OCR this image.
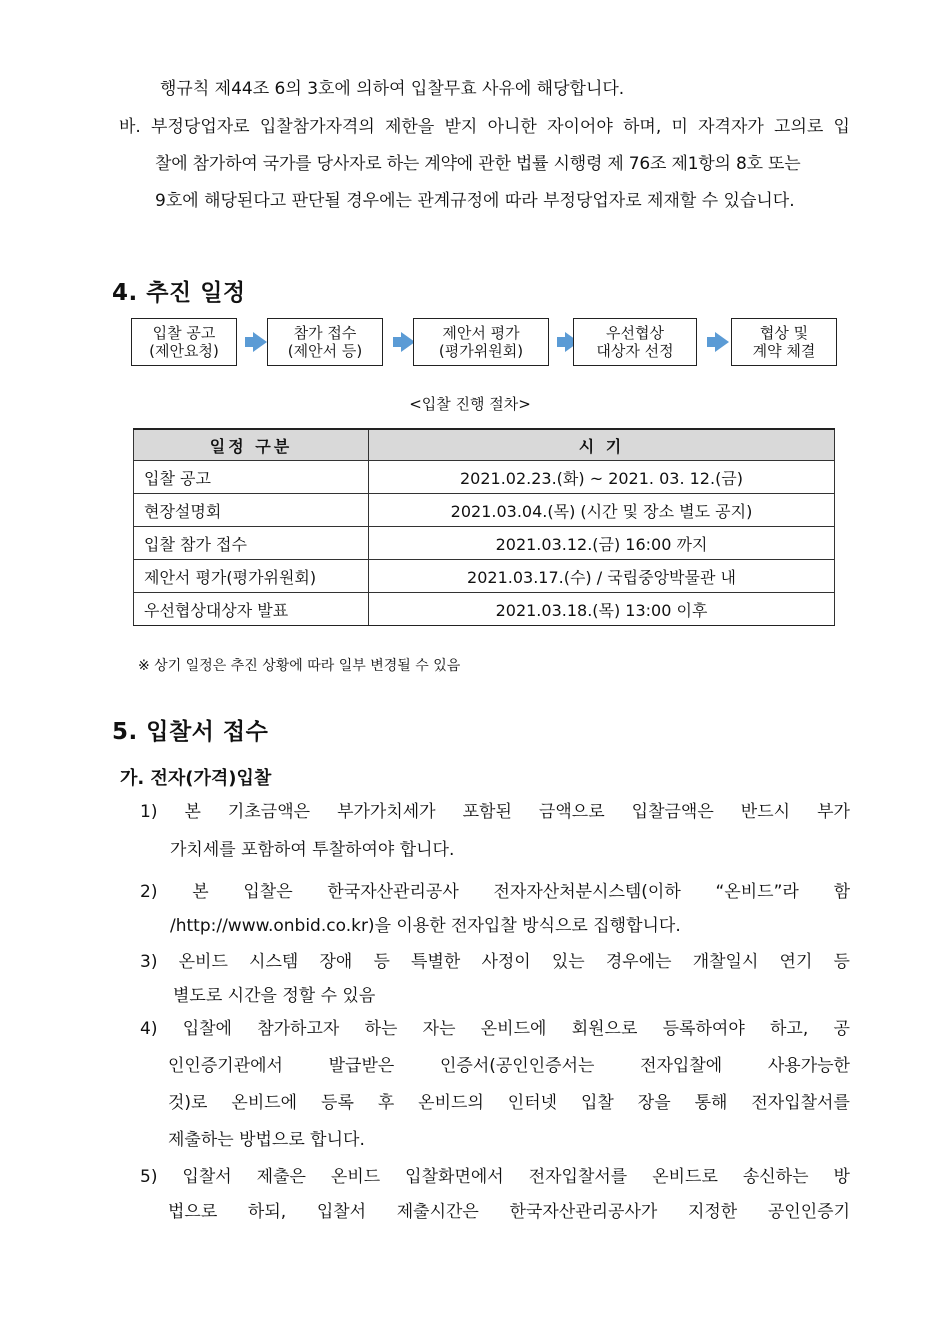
행규칙 제44조 6의 3호에 의하여 입찰무효 사유에 해당합니다.
바. 부정당업자로 입찰참가자격의 제한을 받지 아니한 자이어야 하며, 미 자격자가 고의로 입
찰에 참가하여 국가를 당사자로 하는 계약에 관한 법률 시행령 제 76조 제1항의 8호 또는
9호에 해당된다고 판단될 경우에는 관계규정에 따라 부정당업자로 제재할 수 있습니다.
4. 추진 일정
입찰 공고
(제안요청)
참가 접수
(제안서 등)
제안서 평가
(평가위원회)
우선협상
대상자 선정
협상 및
계약 체결
<입찰 진행 절차>
일정 구분	시 기
입찰 공고	2021.02.23.(화) ~ 2021. 03. 12.(금)
현장설명회	2021.03.04.(목) (시간 및 장소 별도 공지)
입찰 참가 접수	2021.03.12.(금) 16:00 까지
제안서 평가(평가위원회)	2021.03.17.(수) / 국립중앙박물관 내
우선협상대상자 발표	2021.03.18.(목) 13:00 이후
※ 상기 일정은 추진 상황에 따라 일부 변경될 수 있음
5. 입찰서 접수
가. 전자(가격)입찰
1) 본 기초금액은 부가가치세가 포함된 금액으로 입찰금액은 반드시 부가
가치세를 포함하여 투찰하여야 합니다.
2) 본 입찰은 한국자산관리공사 전자자산처분시스템(이하 “온비드”라 함
/http://www.onbid.co.kr)을 이용한 전자입찰 방식으로 집행합니다.
3) 온비드 시스템 장애 등 특별한 사정이 있는 경우에는 개찰일시 연기 등
별도로 시간을 정할 수 있음
4) 입찰에 참가하고자 하는 자는 온비드에 회원으로 등록하여야 하고, 공
인인증기관에서	발급받은	인증서(공인인증서는	전자입찰에	사용가능한
것)로 온비드에 등록 후 온비드의 인터넷 입찰 장을 통해 전자입찰서를
제출하는 방법으로 합니다.
5) 입찰서 제출은 온비드 입찰화면에서 전자입찰서를 온비드로 송신하는 방
법으로 하되, 입찰서 제출시간은 한국자산관리공사가 지정한 공인인증기
